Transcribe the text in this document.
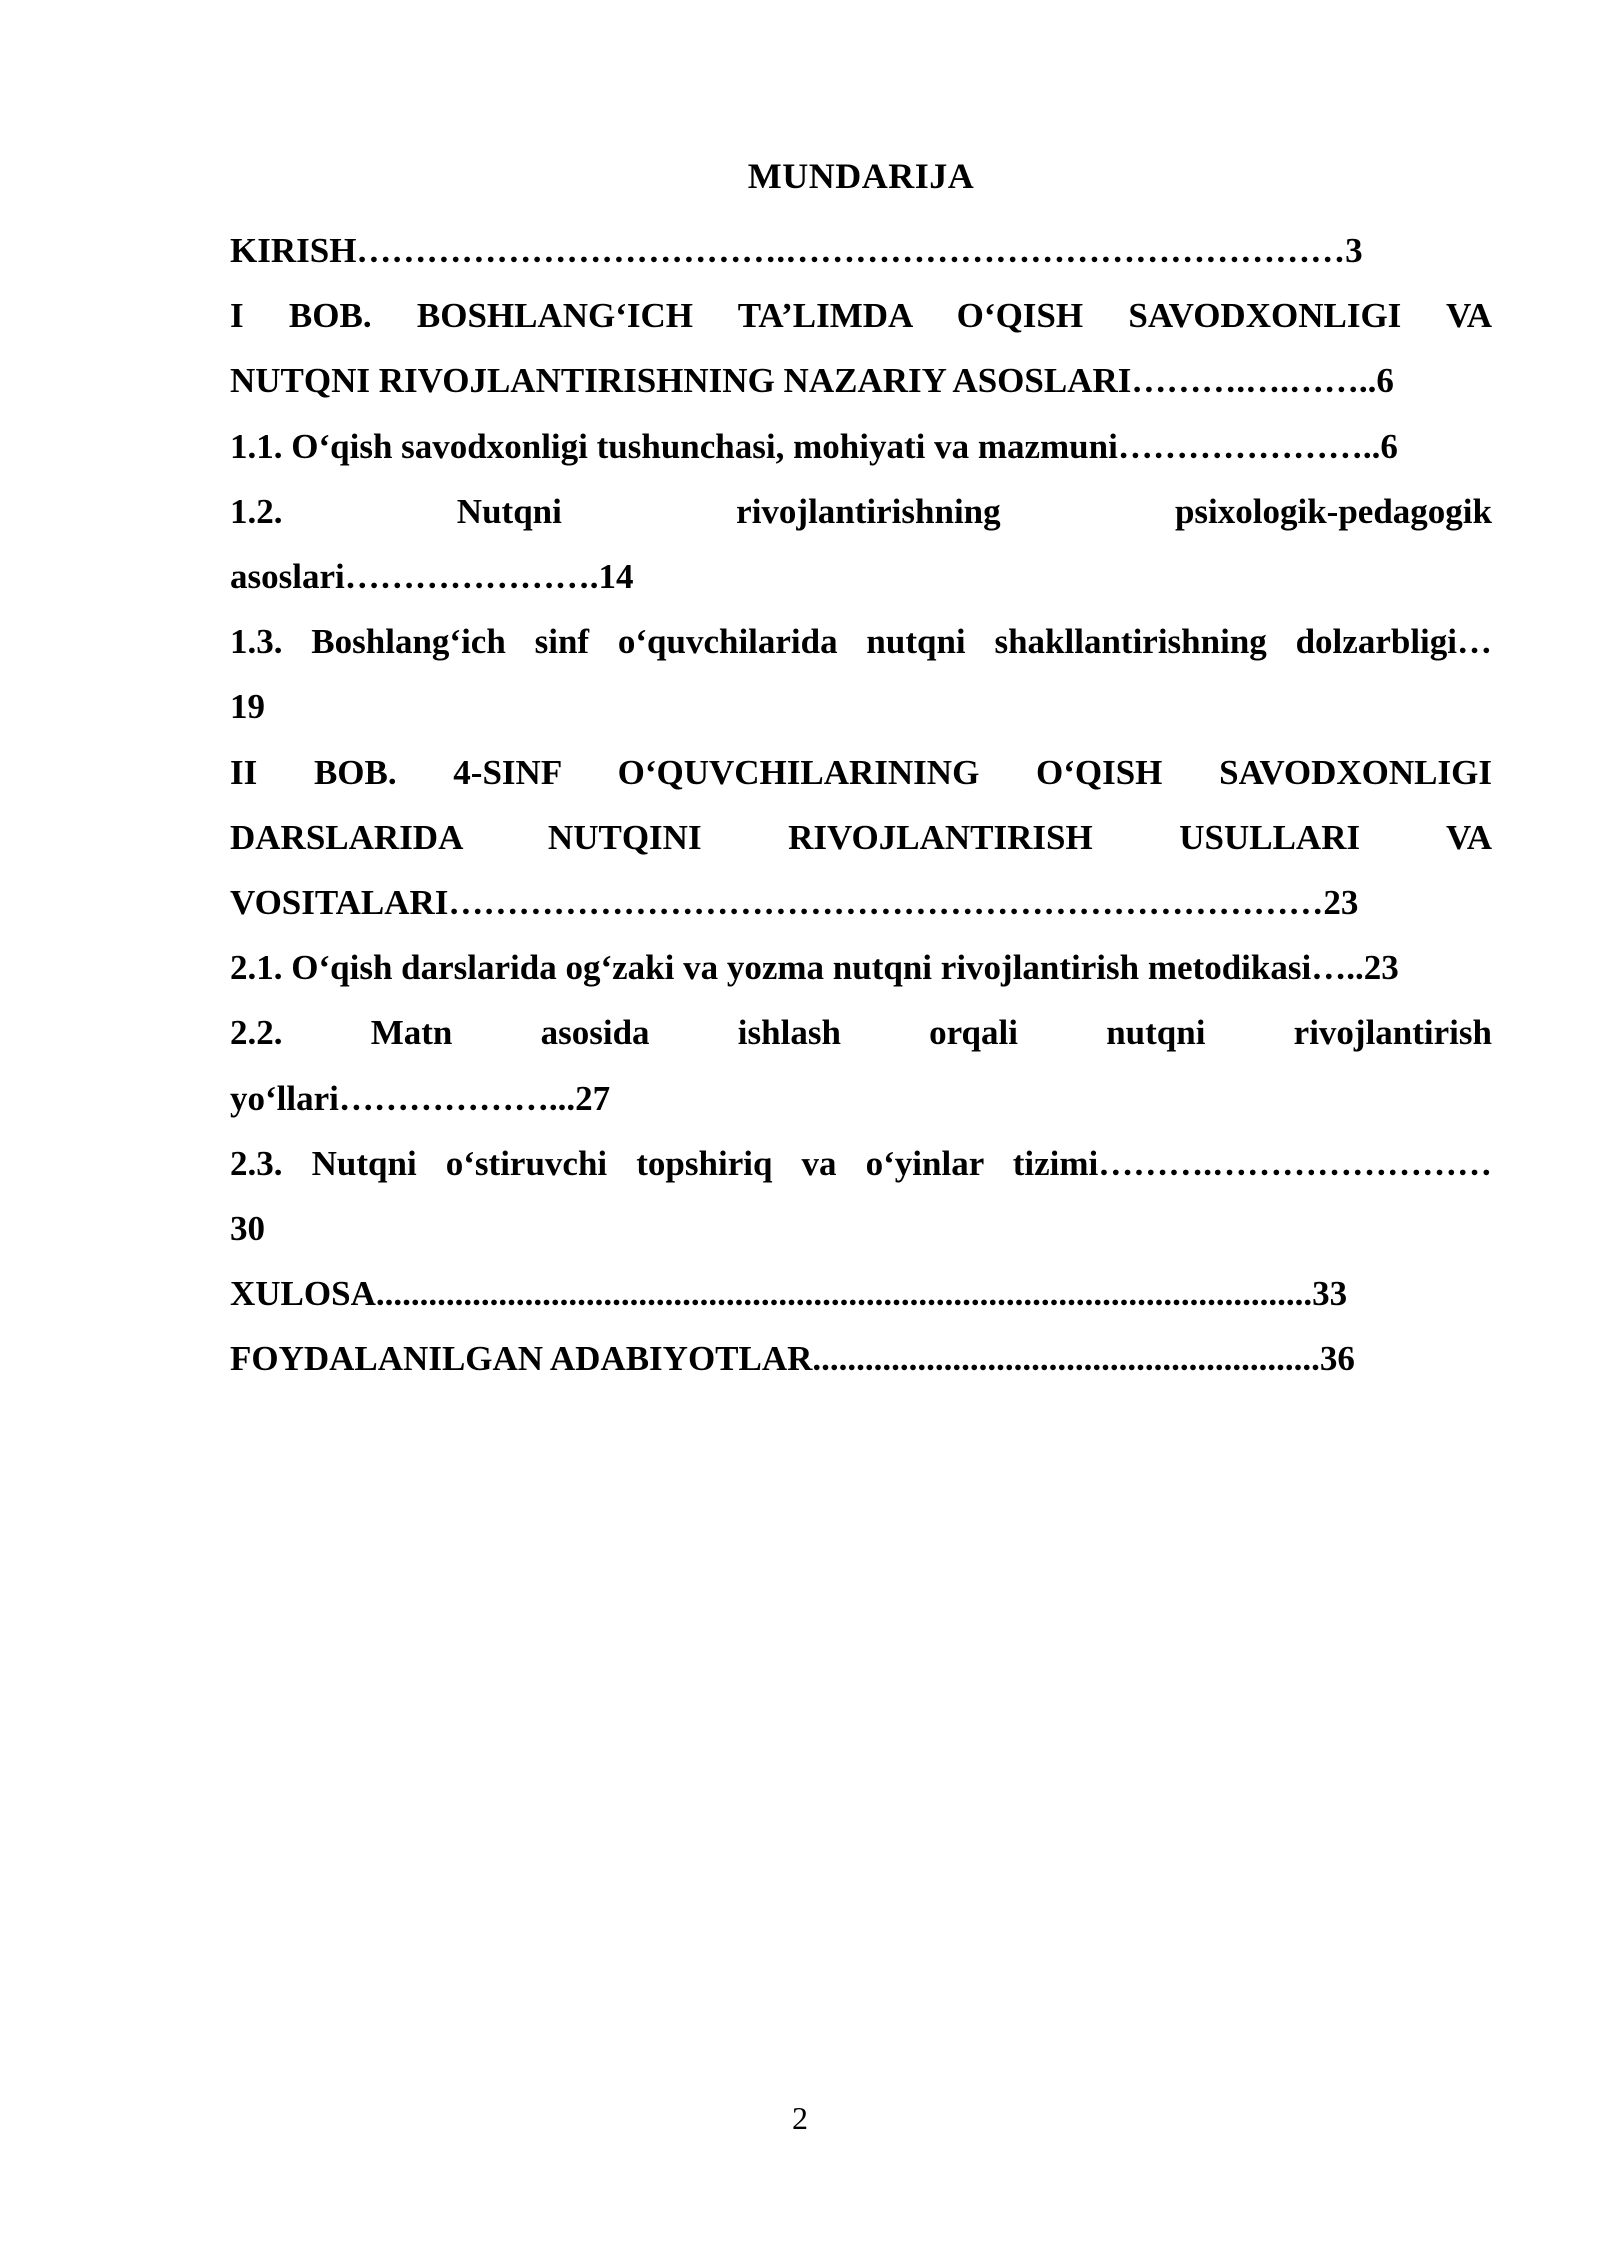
MUNDARIJA
KIRISH……………………………….…………………………………………3
I BOB. BOSHLANG‘ICH TA’LIMDA O‘QISH SAVODXONLIGI VA
NUTQNI RIVOJLANTIRISHNING NAZARIY ASOSLARI……….….……..6
1.1. O‘qish savodxonligi tushunchasi, mohiyati va mazmuni…………………..6
1.2. Nutqni rivojlantirishning psixologik-pedagogik
asoslari………………….14
1.3. Boshlang‘ich sinf o‘quvchilarida nutqni shakllantirishning dolzarbligi…
19
II BOB. 4-SINF O‘QUVCHILARINING O‘QISH SAVODXONLIGI
DARSLARIDA NUTQINI RIVOJLANTIRISH USULLARI VA
VOSITALARI…………………………………………………………………23
2.1. O‘qish darslarida og‘zaki va yozma nutqni rivojlantirish metodikasi…..23
2.2. Matn asosida ishlash orqali nutqni rivojlantirish
yo‘llari………………...27
2.3. Nutqni o‘stiruvchi topshiriq va o‘yinlar tizimi……….……………………
30
XULOSA...........................................................................................................33
FOYDALANILGAN ADABIYOTLAR..........................................................36
2
